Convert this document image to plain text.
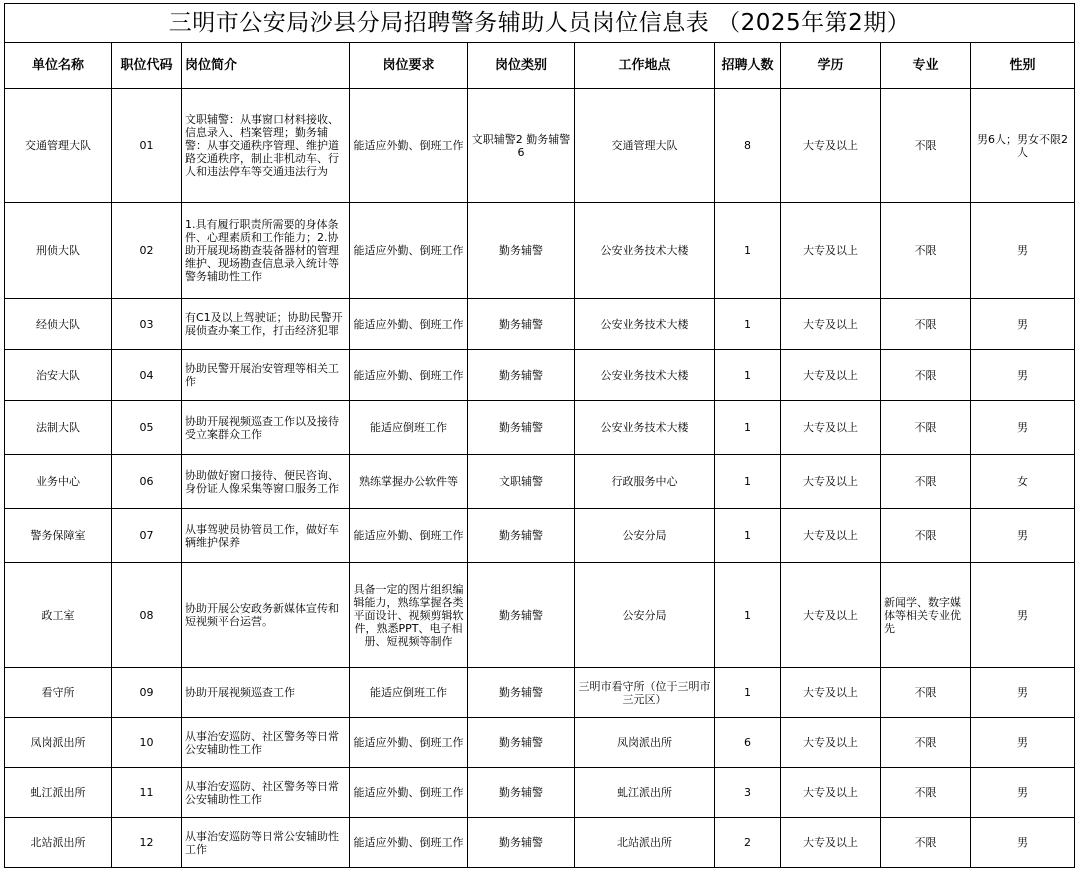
三明市公安局沙县分局招聘警务辅助人员岗位信息表 （2025年第2期）									
单位名称	职位代码	岗位简介	岗位要求	岗位类别	工作地点	招聘人数	学历	专业	性别
交通管理大队	01	文职辅警：从事窗口材料接收、信息录入、档案管理；勤务辅警：从事交通秩序管理、维护道路交通秩序，制止非机动车、行人和违法停车等交通违法行为	能适应外勤、倒班工作	文职辅警2 勤务辅警6	交通管理大队	8	大专及以上	不限	男6人；男女不限2人
刑侦大队	02	1.具有履行职责所需要的身体条件、心理素质和工作能力；2.协助开展现场勘查装备器材的管理维护、现场勘查信息录入统计等警务辅助性工作	能适应外勤、倒班工作	勤务辅警	公安业务技术大楼	1	大专及以上	不限	男
经侦大队	03	有C1及以上驾驶证；协助民警开展侦查办案工作，打击经济犯罪	能适应外勤、倒班工作	勤务辅警	公安业务技术大楼	1	大专及以上	不限	男
治安大队	04	协助民警开展治安管理等相关工作	能适应外勤、倒班工作	勤务辅警	公安业务技术大楼	1	大专及以上	不限	男
法制大队	05	协助开展视频巡查工作以及接待受立案群众工作	能适应倒班工作	勤务辅警	公安业务技术大楼	1	大专及以上	不限	男
业务中心	06	协助做好窗口接待、便民咨询、身份证人像采集等窗口服务工作	熟练掌握办公软件等	文职辅警	行政服务中心	1	大专及以上	不限	女
警务保障室	07	从事驾驶员协管员工作，做好车辆维护保养	能适应外勤、倒班工作	勤务辅警	公安分局	1	大专及以上	不限	男
政工室	08	协助开展公安政务新媒体宣传和短视频平台运营。	具备一定的图片组织编辑能力，熟练掌握各类平面设计、视频剪辑软件，熟悉PPT、电子相册、短视频等制作	勤务辅警	公安分局	1	大专及以上	新闻学、数字媒体等相关专业优先	男
看守所	09	协助开展视频巡查工作	能适应倒班工作	勤务辅警	三明市看守所（位于三明市三元区）	1	大专及以上	不限	男
凤岗派出所	10	从事治安巡防、社区警务等日常公安辅助性工作	能适应外勤、倒班工作	勤务辅警	凤岗派出所	6	大专及以上	不限	男
虬江派出所	11	从事治安巡防、社区警务等日常公安辅助性工作	能适应外勤、倒班工作	勤务辅警	虬江派出所	3	大专及以上	不限	男
北站派出所	12	从事治安巡防等日常公安辅助性工作	能适应外勤、倒班工作	勤务辅警	北站派出所	2	大专及以上	不限	男
